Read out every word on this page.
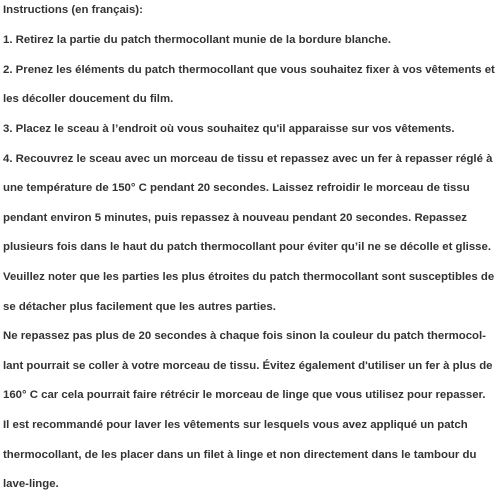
Instructions (en français):

1. Retirez la partie du patch thermocollant munie de la bordure blanche.

2. Prenez les éléments du patch thermocollant que vous souhaitez fixer à vos vêtements et

les décoller doucement du film.

3. Placez le sceau à l’endroit où vous souhaitez qu'il apparaisse sur vos vêtements.

4. Recouvrez le sceau avec un morceau de tissu et repassez avec un fer à repasser réglé à

une température de 150° C pendant 20 secondes. Laissez refroidir le morceau de tissu

pendant environ 5 minutes, puis repassez à nouveau pendant 20 secondes. Repassez

plusieurs fois dans le haut du patch thermocollant pour éviter qu’il ne se décolle et glisse.

Veuillez noter que les parties les plus étroites du patch thermocollant sont susceptibles de

se détacher plus facilement que les autres parties.

Ne repassez pas plus de 20 secondes à chaque fois sinon la couleur du patch thermocol-

lant pourrait se coller à votre morceau de tissu. Évitez également d'utiliser un fer à plus de

160° C car cela pourrait faire rétrécir le morceau de linge que vous utilisez pour repasser.

Il est recommandé pour laver les vêtements sur lesquels vous avez appliqué un patch

thermocollant, de les placer dans un filet à linge et non directement dans le tambour du

lave-linge.
